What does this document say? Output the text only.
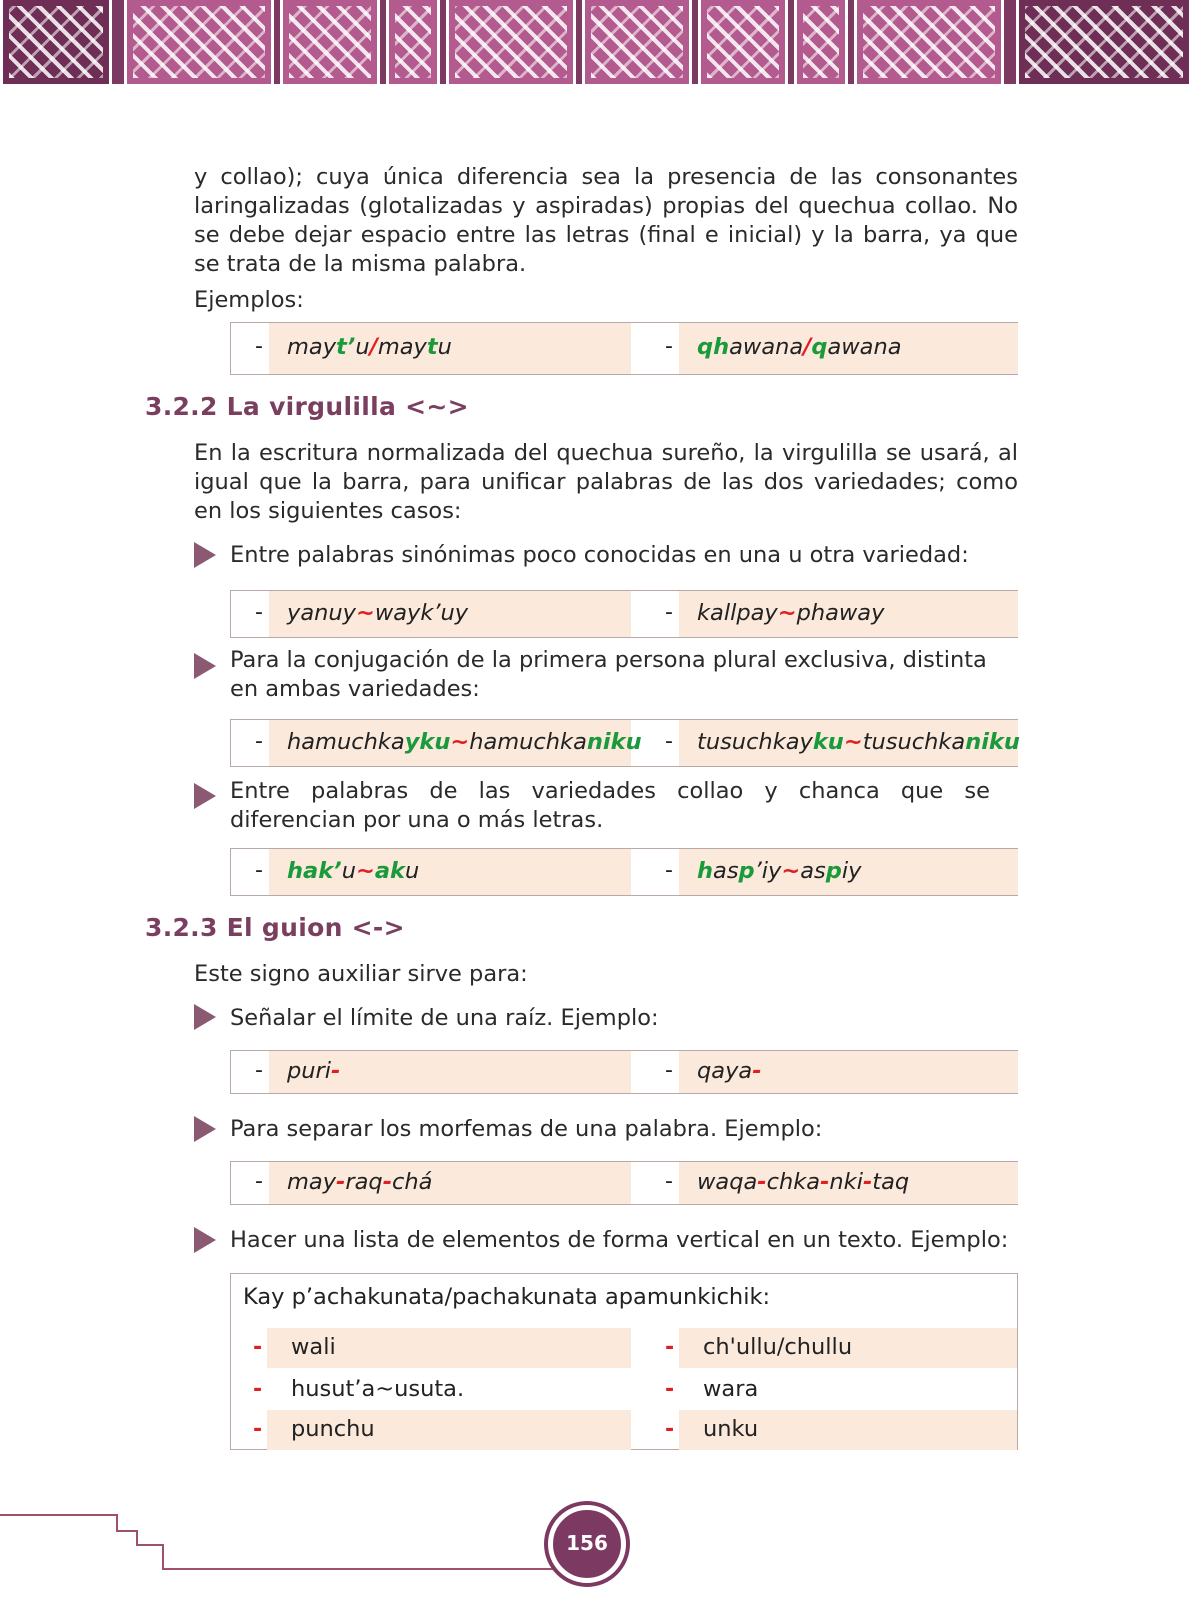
y collao); cuya única diferencia sea la presencia de las consonantes laringalizadas (glotalizadas y aspiradas) propias del quechua collao. No se debe dejar espacio entre las letras (final e inicial) y la barra, ya que se trata de la misma palabra.

Ejemplos:
- mayt’u/maytu	- qhawana/qawana
3.2.2 La virgulilla <~>

En la escritura normalizada del quechua sureño, la virgulilla se usará, al igual que la barra, para unificar palabras de las dos variedades; como en los siguientes casos:

Entre palabras sinónimas poco conocidas en una u otra variedad:
- yanuy~wayk’uy	- kallpay~phaway
Para la conjugación de la primera persona plural exclusiva, distinta en ambas variedades:
- hamuchkayku~hamuchkaniku - tusuchkayku~tusuchkaniku
Entre palabras de las variedades collao y chanca que se diferencian por una o más letras.
- hak’u~aku	- hasp’iy~aspiy
3.2.3 El guion <->
Este signo auxiliar sirve para:
Señalar el límite de una raíz. Ejemplo:
- puri-	- qaya-
Para separar los morfemas de una palabra. Ejemplo:
- may-raq-chá	- waqa-chka-nki-taq
Hacer una lista de elementos de forma vertical en un texto. Ejemplo:
Kay p’achakunata/pachakunata apamunkichik:
- wali	- ch'ullu/chullu
- husut’a~usuta.	- wara
- punchu	- unku
156
